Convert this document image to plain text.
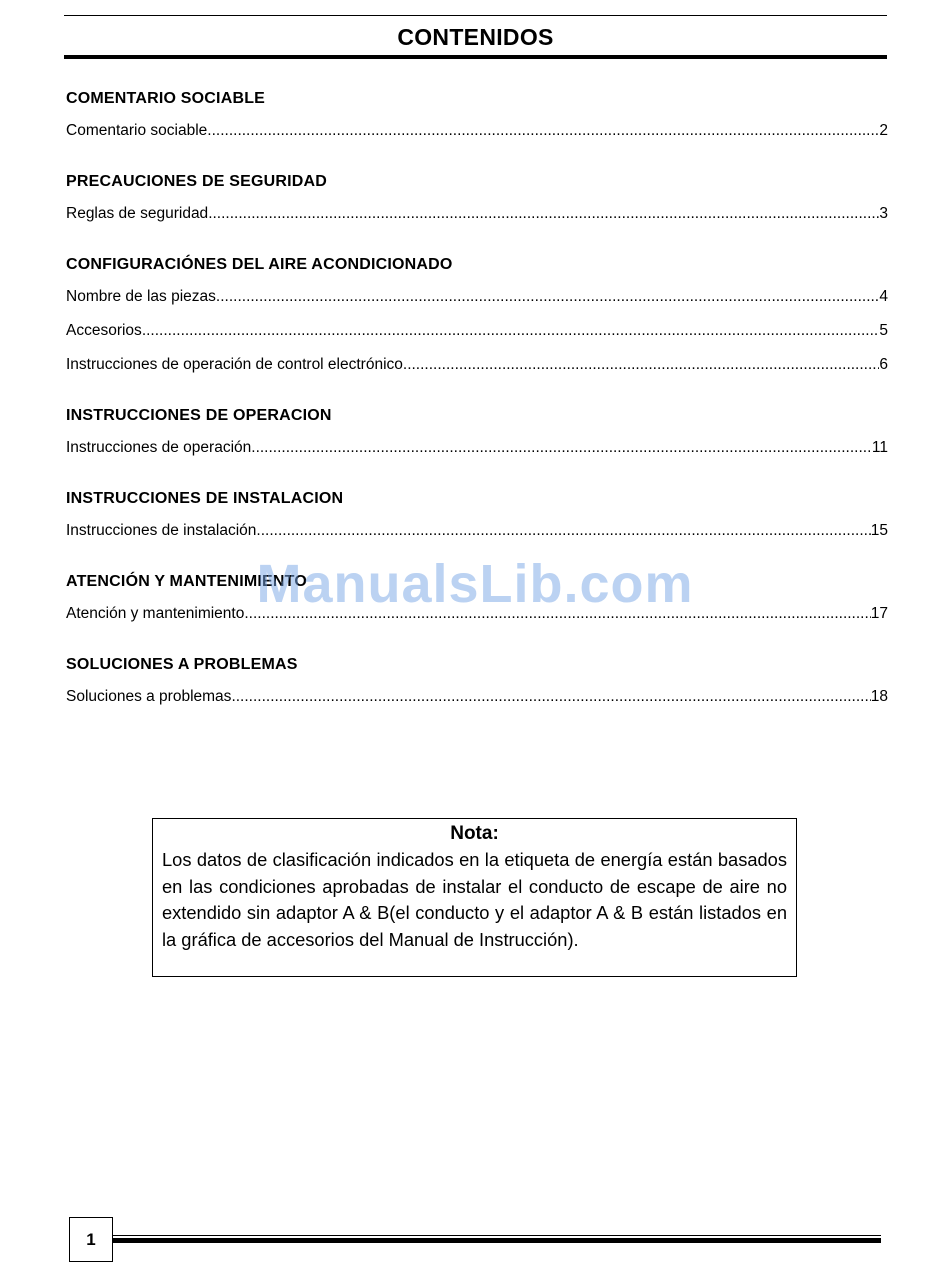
CONTENIDOS
COMENTARIO SOCIABLE
Comentario sociable .....	2
PRECAUCIONES DE SEGURIDAD
Reglas de seguridad .....	3
CONFIGURACIÓNES DEL AIRE ACONDICIONADO
Nombre de las piezas .....	4
Accesorios .....	5
Instrucciones de operación de control electrónico .....	6
INSTRUCCIONES DE OPERACION
Instrucciones de operación .....	11
INSTRUCCIONES DE INSTALACION
Instrucciones de instalación .....	15
ATENCIÓN Y MANTENIMIENTO
Atención y mantenimiento .....	17
SOLUCIONES A PROBLEMAS
Soluciones a problemas .....	18
ManualsLib.com
Nota:
Los datos de clasificación indicados en la etiqueta de energía están basados en las condiciones aprobadas de instalar el conducto de escape de aire no extendido sin adaptor A & B(el conducto y el adaptor A & B están listados en la gráfica de accesorios del Manual de Instrucción).
1
